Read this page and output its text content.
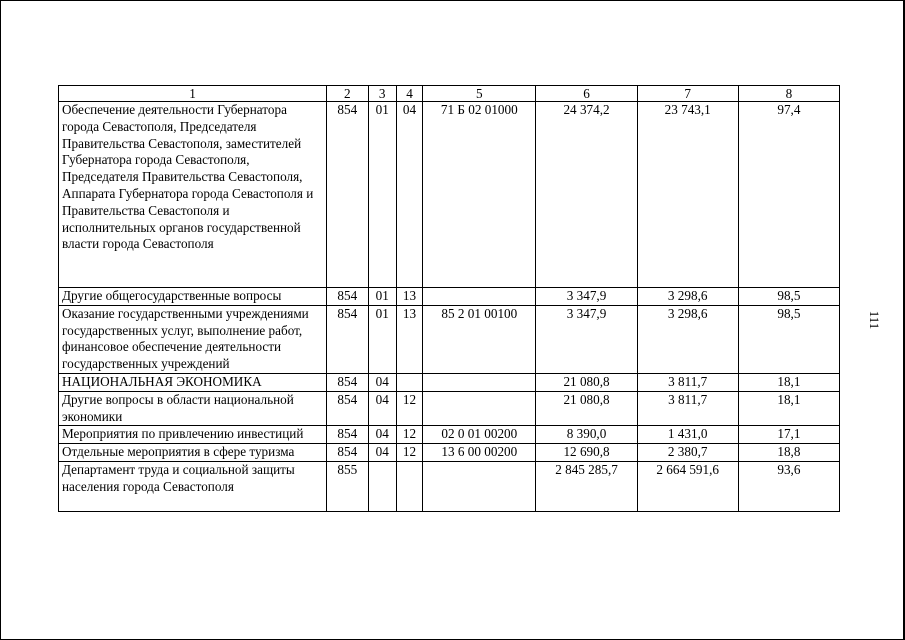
111
1	2	3	4	5	6	7	8
Обеспечение деятельности Губернатора города Севастополя, Председателя Правительства Севастополя, заместителей Губернатора города Севастополя, Председателя Правительства Севастополя, Аппарата Губернатора города Севастополя и Правительства Севастополя и исполнительных органов государственной власти города Севастополя	854	01	04	71 Б 02 01000	24 374,2	23 743,1	97,4
Другие общегосударственные вопросы	854	01	13		3 347,9	3 298,6	98,5
Оказание государственными учреждениями государственных услуг, выполнение работ, финансовое обеспечение деятельности государственных учреждений	854	01	13	85 2 01 00100	3 347,9	3 298,6	98,5
НАЦИОНАЛЬНАЯ ЭКОНОМИКА	854	04			21 080,8	3 811,7	18,1
Другие вопросы в области национальной экономики	854	04	12		21 080,8	3 811,7	18,1
Мероприятия по привлечению инвестиций	854	04	12	02 0 01 00200	8 390,0	1 431,0	17,1
Отдельные мероприятия в сфере туризма	854	04	12	13 6 00 00200	12 690,8	2 380,7	18,8
Департамент труда и социальной защиты населения города Севастополя	855				2 845 285,7	2 664 591,6	93,6
